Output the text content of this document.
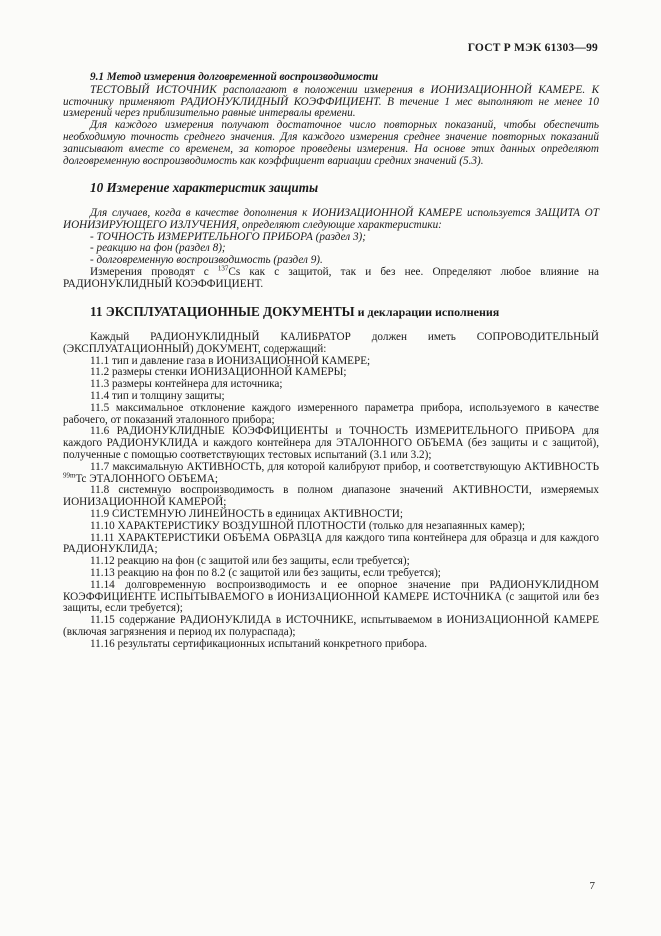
ГОСТ Р МЭК 61303—99

9.1 Метод измерения долговременной воспроизводимости

ТЕСТОВЫЙ ИСТОЧНИК располагают в положении измерения в ИОНИЗАЦИОННОЙ КАМЕРЕ. К источнику применяют РАДИОНУКЛИДНЫЙ КОЭФФИЦИЕНТ. В течение 1 мес выполняют не менее 10 измерений через приблизительно равные интервалы времени.

Для каждого измерения получают достаточное число повторных показаний, чтобы обеспечить необходимую точность среднего значения. Для каждого измерения среднее значение повторных показаний записывают вместе со временем, за которое проведены измерения. На основе этих данных определяют долговременную воспроизводимость как коэффициент вариации средних значений (5.3).

10 Измерение характеристик защиты

Для случаев, когда в качестве дополнения к ИОНИЗАЦИОННОЙ КАМЕРЕ используется ЗАЩИТА ОТ ИОНИЗИРУЮЩЕГО ИЗЛУЧЕНИЯ, определяют следующие характеристики:

- ТОЧНОСТЬ ИЗМЕРИТЕЛЬНОГО ПРИБОРА (раздел 3);

- реакцию на фон (раздел 8);

- долговременную воспроизводимость (раздел 9).

Измерения проводят с $^{137}$Cs как с защитой, так и без нее. Определяют любое влияние на РАДИОНУКЛИДНЫЙ КОЭФФИЦИЕНТ.

11 ЭКСПЛУАТАЦИОННЫЕ ДОКУМЕНТЫ и декларации исполнения

Каждый РАДИОНУКЛИДНЫЙ КАЛИБРАТОР должен иметь СОПРОВОДИТЕЛЬНЫЙ (ЭКСПЛУАТАЦИОННЫЙ) ДОКУМЕНТ, содержащий:

11.1 тип и давление газа в ИОНИЗАЦИОННОЙ КАМЕРЕ;

11.2 размеры стенки ИОНИЗАЦИОННОЙ КАМЕРЫ;

11.3 размеры контейнера для источника;

11.4 тип и толщину защиты;

11.5 максимальное отклонение каждого измеренного параметра прибора, используемого в качестве рабочего, от показаний эталонного прибора;

11.6 РАДИОНУКЛИДНЫЕ КОЭФФИЦИЕНТЫ и ТОЧНОСТЬ ИЗМЕРИТЕЛЬНОГО ПРИБОРА для каждого РАДИОНУКЛИДА и каждого контейнера для ЭТАЛОННОГО ОБЪЕМА (без защиты и с защитой), полученные с помощью соответствующих тестовых испытаний (3.1 или 3.2);

11.7 максимальную АКТИВНОСТЬ, для которой калибруют прибор, и соответствующую АКТИВНОСТЬ $^{99m}$Tc ЭТАЛОННОГО ОБЪЕМА;

11.8 системную воспроизводимость в полном диапазоне значений АКТИВНОСТИ, измеряемых ИОНИЗАЦИОННОЙ КАМЕРОЙ;

11.9 СИСТЕМНУЮ ЛИНЕЙНОСТЬ в единицах АКТИВНОСТИ;

11.10 ХАРАКТЕРИСТИКУ ВОЗДУШНОЙ ПЛОТНОСТИ (только для незапаянных камер);

11.11 ХАРАКТЕРИСТИКИ ОБЪЕМА ОБРАЗЦА для каждого типа контейнера для образца и для каждого РАДИОНУКЛИДА;

11.12 реакцию на фон (с защитой или без защиты, если требуется);

11.13 реакцию на фон по 8.2 (с защитой или без защиты, если требуется);

11.14 долговременную воспроизводимость и ее опорное значение при РАДИОНУКЛИДНОМ КОЭФФИЦИЕНТЕ ИСПЫТЫВАЕМОГО в ИОНИЗАЦИОННОЙ КАМЕРЕ ИСТОЧНИКА (с защитой или без защиты, если требуется);

11.15 содержание РАДИОНУКЛИДА в ИСТОЧНИКЕ, испытываемом в ИОНИЗАЦИОННОЙ КАМЕРЕ (включая загрязнения и период их полураспада);

11.16 результаты сертификационных испытаний конкретного прибора.

7
